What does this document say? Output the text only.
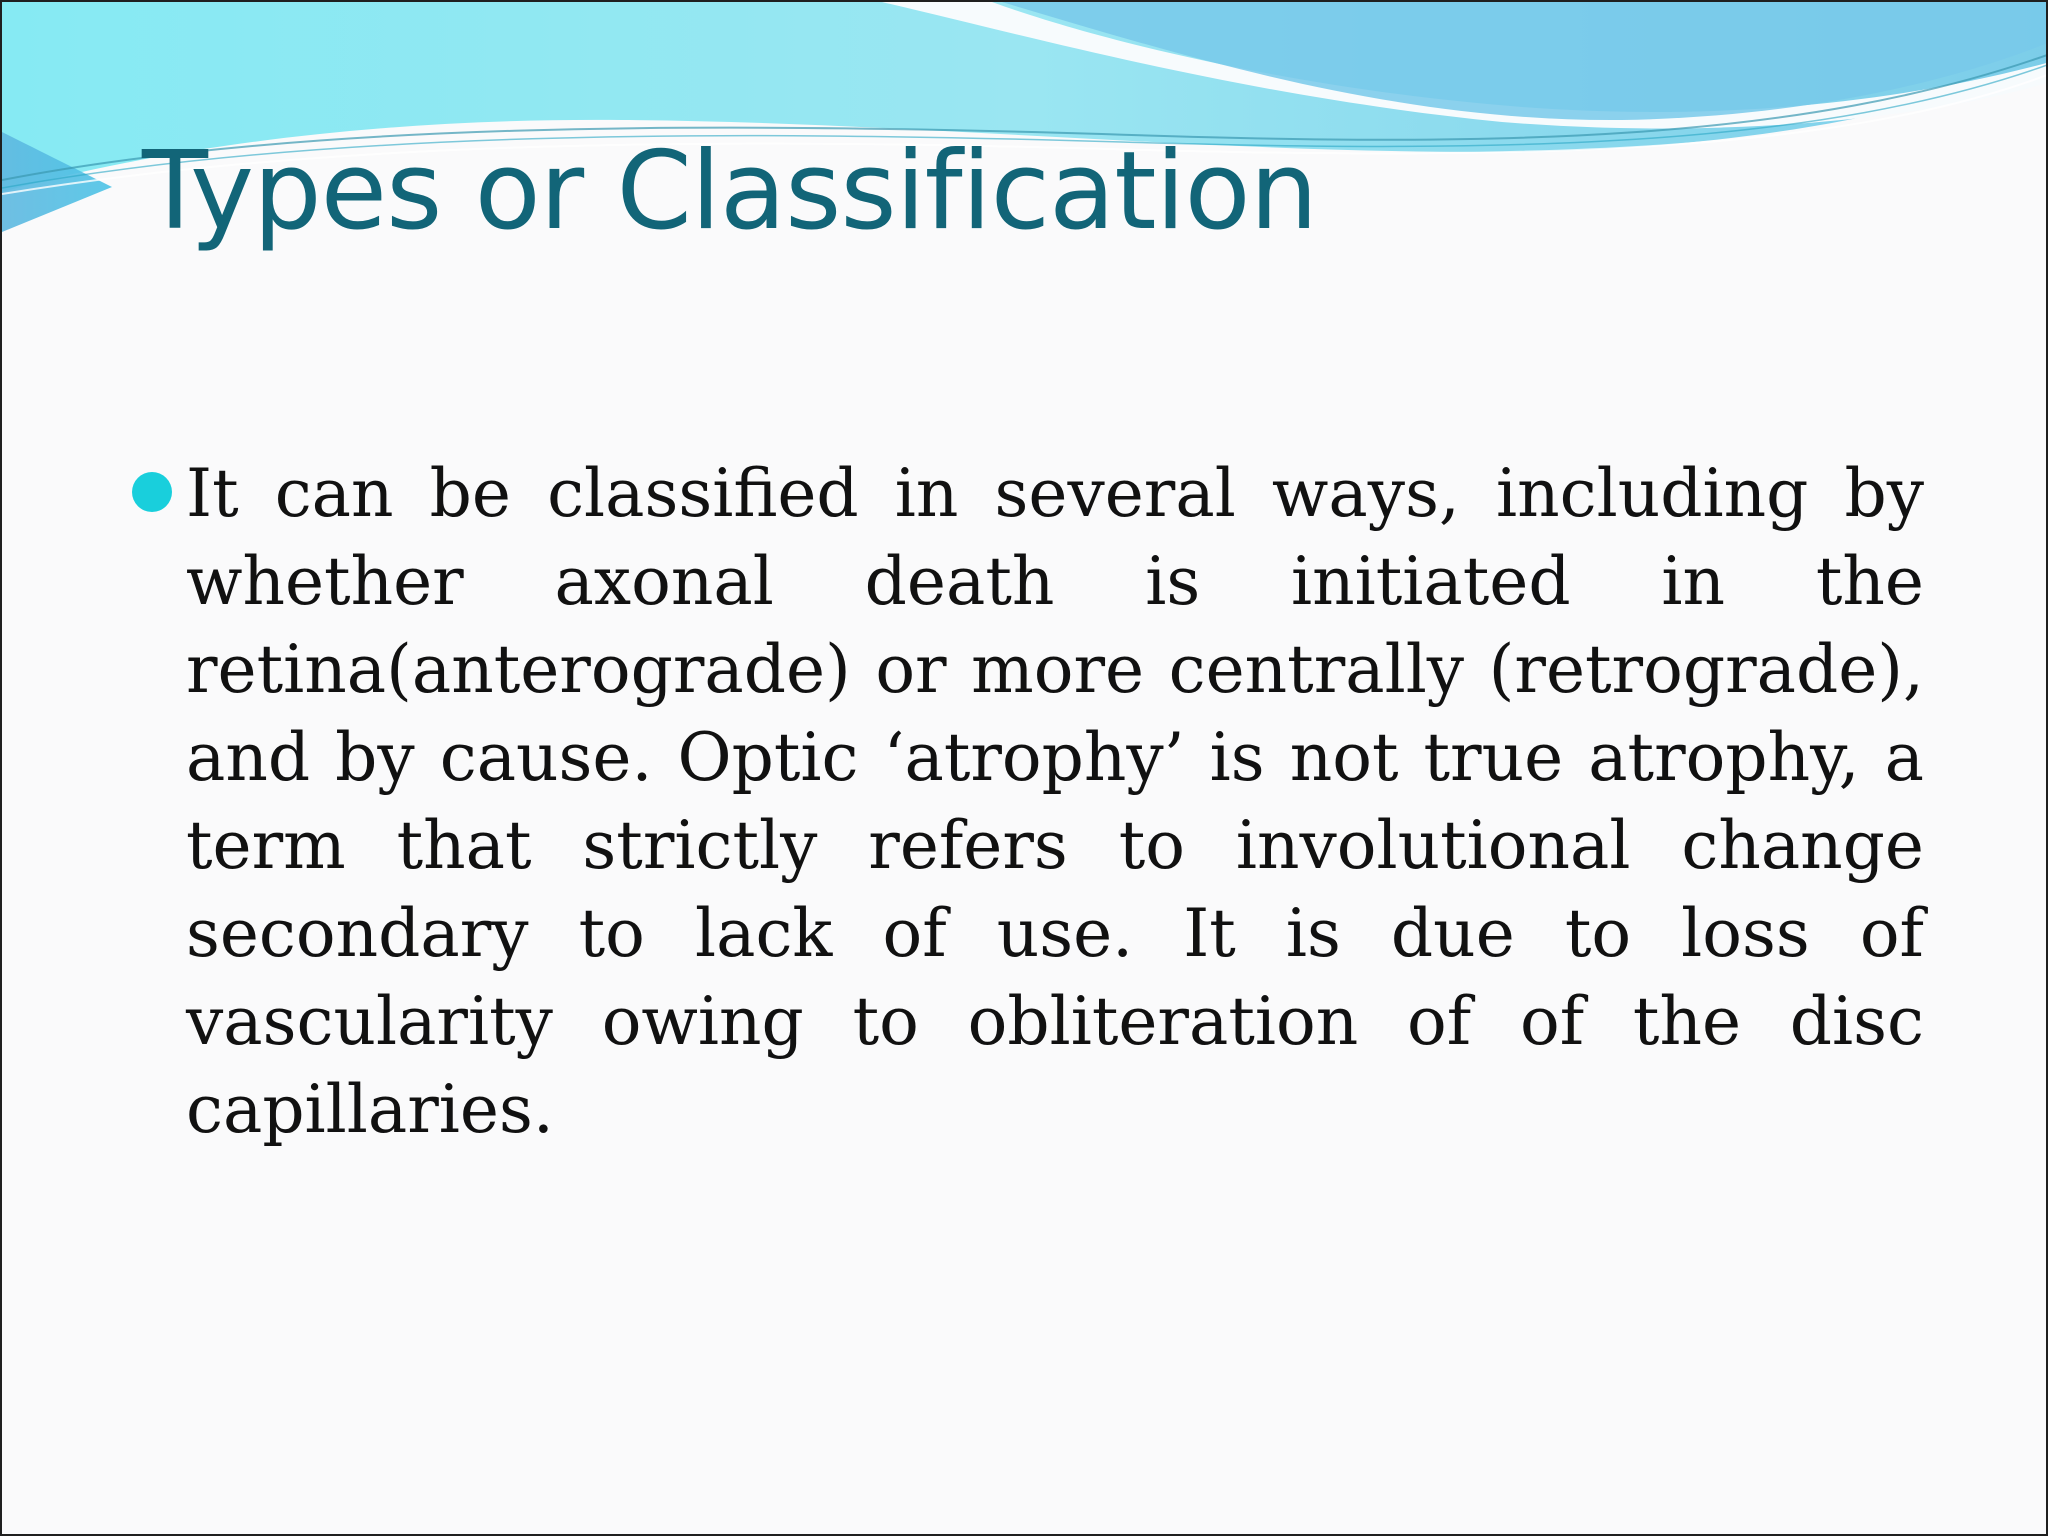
Types or Classification
It can be classified in several ways, including by whether axonal death is initiated in the retina(anterograde) or more centrally (retrograde), and by cause. Optic ‘atrophy’ is not true atrophy, a term that strictly refers to involutional change secondary to lack of use. It is due to loss of vascularity owing to obliteration of of the disc capillaries.
